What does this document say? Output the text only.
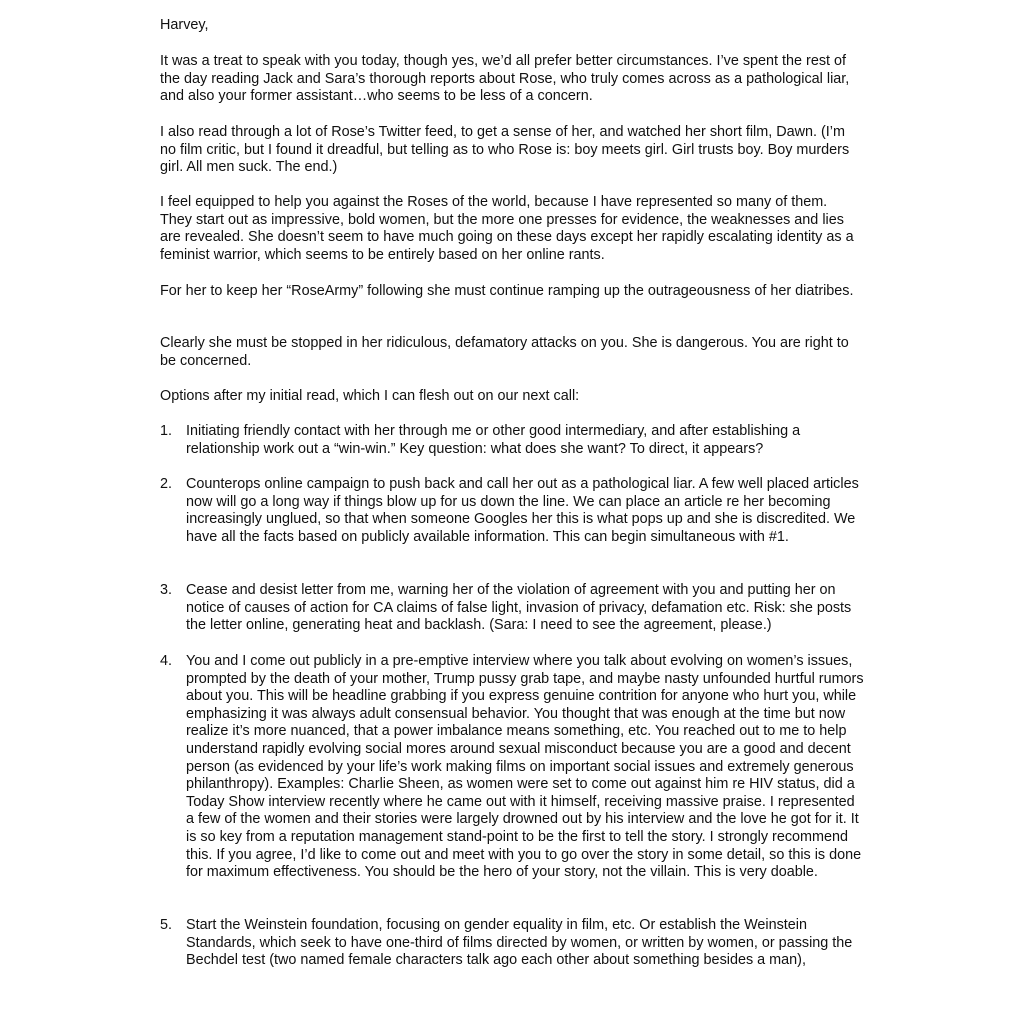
Harvey,

It was a treat to speak with you today, though yes, we’d all prefer better circumstances. I’ve spent the rest of the day reading Jack and Sara’s thorough reports about Rose, who truly comes across as a pathological liar, and also your former assistant…who seems to be less of a concern.

I also read through a lot of Rose’s Twitter feed, to get a sense of her, and watched her short film, Dawn. (I’m no film critic, but I found it dreadful, but telling as to who Rose is: boy meets girl. Girl trusts boy. Boy murders girl. All men suck. The end.)

I feel equipped to help you against the Roses of the world, because I have represented so many of them. They start out as impressive, bold women, but the more one presses for evidence, the weaknesses and lies are revealed. She doesn’t seem to have much going on these days except her rapidly escalating identity as a feminist warrior, which seems to be entirely based on her online rants.

For her to keep her “RoseArmy” following she must continue ramping up the outrageousness of her diatribes.

Clearly she must be stopped in her ridiculous, defamatory attacks on you. She is dangerous. You are right to be concerned.

Options after my initial read, which I can flesh out on our next call:

1. Initiating friendly contact with her through me or other good intermediary, and after establishing a relationship work out a “win-win.” Key question: what does she want? To direct, it appears?

2. Counterops online campaign to push back and call her out as a pathological liar. A few well placed articles now will go a long way if things blow up for us down the line. We can place an article re her becoming increasingly unglued, so that when someone Googles her this is what pops up and she is discredited. We have all the facts based on publicly available information. This can begin simultaneous with #1.

3. Cease and desist letter from me, warning her of the violation of agreement with you and putting her on notice of causes of action for CA claims of false light, invasion of privacy, defamation etc. Risk: she posts the letter online, generating heat and backlash. (Sara: I need to see the agreement, please.)

4. You and I come out publicly in a pre-emptive interview where you talk about evolving on women’s issues, prompted by the death of your mother, Trump pussy grab tape, and maybe nasty unfounded hurtful rumors about you. This will be headline grabbing if you express genuine contrition for anyone who hurt you, while emphasizing it was always adult consensual behavior. You thought that was enough at the time but now realize it’s more nuanced, that a power imbalance means something, etc. You reached out to me to help understand rapidly evolving social mores around sexual misconduct because you are a good and decent person (as evidenced by your life’s work making films on important social issues and extremely generous philanthropy). Examples: Charlie Sheen, as women were set to come out against him re HIV status, did a Today Show interview recently where he came out with it himself, receiving massive praise. I represented a few of the women and their stories were largely drowned out by his interview and the love he got for it. It is so key from a reputation management stand-point to be the first to tell the story. I strongly recommend this. If you agree, I’d like to come out and meet with you to go over the story in some detail, so this is done for maximum effectiveness. You should be the hero of your story, not the villain. This is very doable.

5. Start the Weinstein foundation, focusing on gender equality in film, etc. Or establish the Weinstein Standards, which seek to have one-third of films directed by women, or written by women, or passing the Bechdel test (two named female characters talk ago each other about something besides a man),
